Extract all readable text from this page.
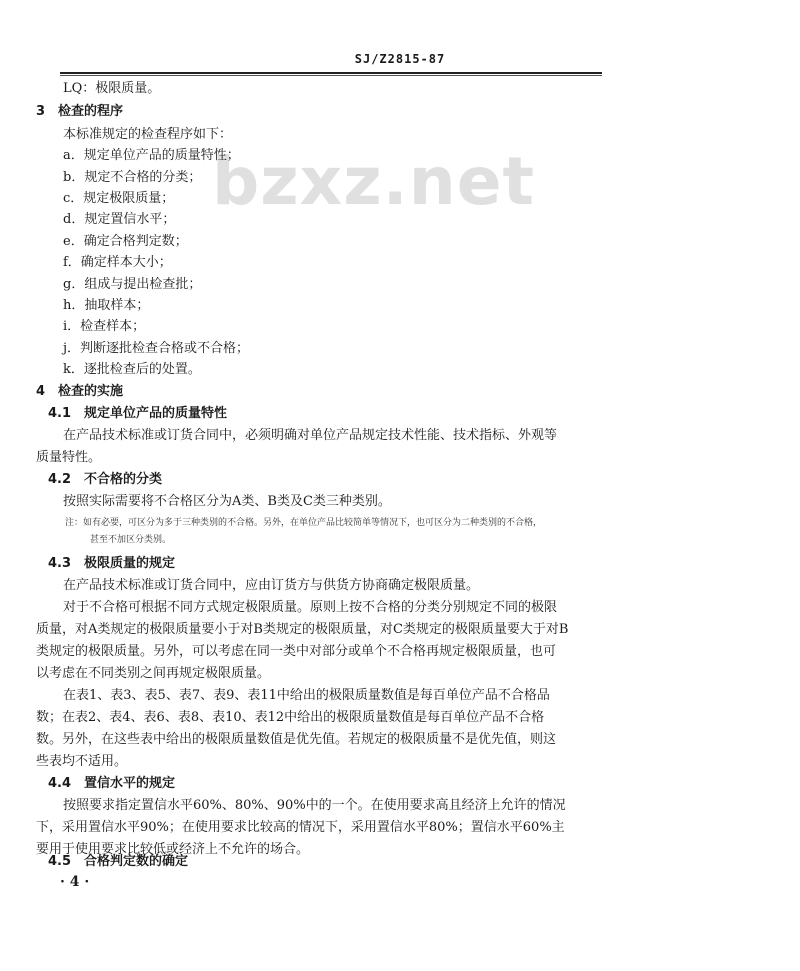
SJ/Z2815-87
bzxz.net
LQ：极限质量。
3　检查的程序
本标准规定的检查程序如下：
a．规定单位产品的质量特性；
b．规定不合格的分类；
c．规定极限质量；
d．规定置信水平；
e．确定合格判定数；
f．确定样本大小；
g．组成与提出检查批；
h．抽取样本；
i．检查样本；
j．判断逐批检查合格或不合格；
k．逐批检查后的处置。
4　检查的实施
4.1　规定单位产品的质量特性
在产品技术标准或订货合同中，必须明确对单位产品规定技术性能、技术指标、外观等
质量特性。
4.2　不合格的分类
按照实际需要将不合格区分为A类、B类及C类三种类别。
注：如有必要，可区分为多于三种类别的不合格。另外，在单位产品比较简单等情况下，也可区分为二种类别的不合格，
甚至不加区分类别。
4.3　极限质量的规定
在产品技术标准或订货合同中，应由订货方与供货方协商确定极限质量。
对于不合格可根据不同方式规定极限质量。原则上按不合格的分类分别规定不同的极限
质量，对A类规定的极限质量要小于对B类规定的极限质量，对C类规定的极限质量要大于对B
类规定的极限质量。另外，可以考虑在同一类中对部分或单个不合格再规定极限质量，也可
以考虑在不同类别之间再规定极限质量。
在表1、表3、表5、表7、表9、表11中给出的极限质量数值是每百单位产品不合格品
数；在表2、表4、表6、表8、表10、表12中给出的极限质量数值是每百单位产品不合格
数。另外，在这些表中给出的极限质量数值是优先值。若规定的极限质量不是优先值，则这
些表均不适用。
4.4　置信水平的规定
按照要求指定置信水平60%、80%、90%中的一个。在使用要求高且经济上允许的情况
下，采用置信水平90%；在使用要求比较高的情况下，采用置信水平80%；置信水平60%主
要用于使用要求比较低或经济上不允许的场合。
4.5　合格判定数的确定
· 4 ·
